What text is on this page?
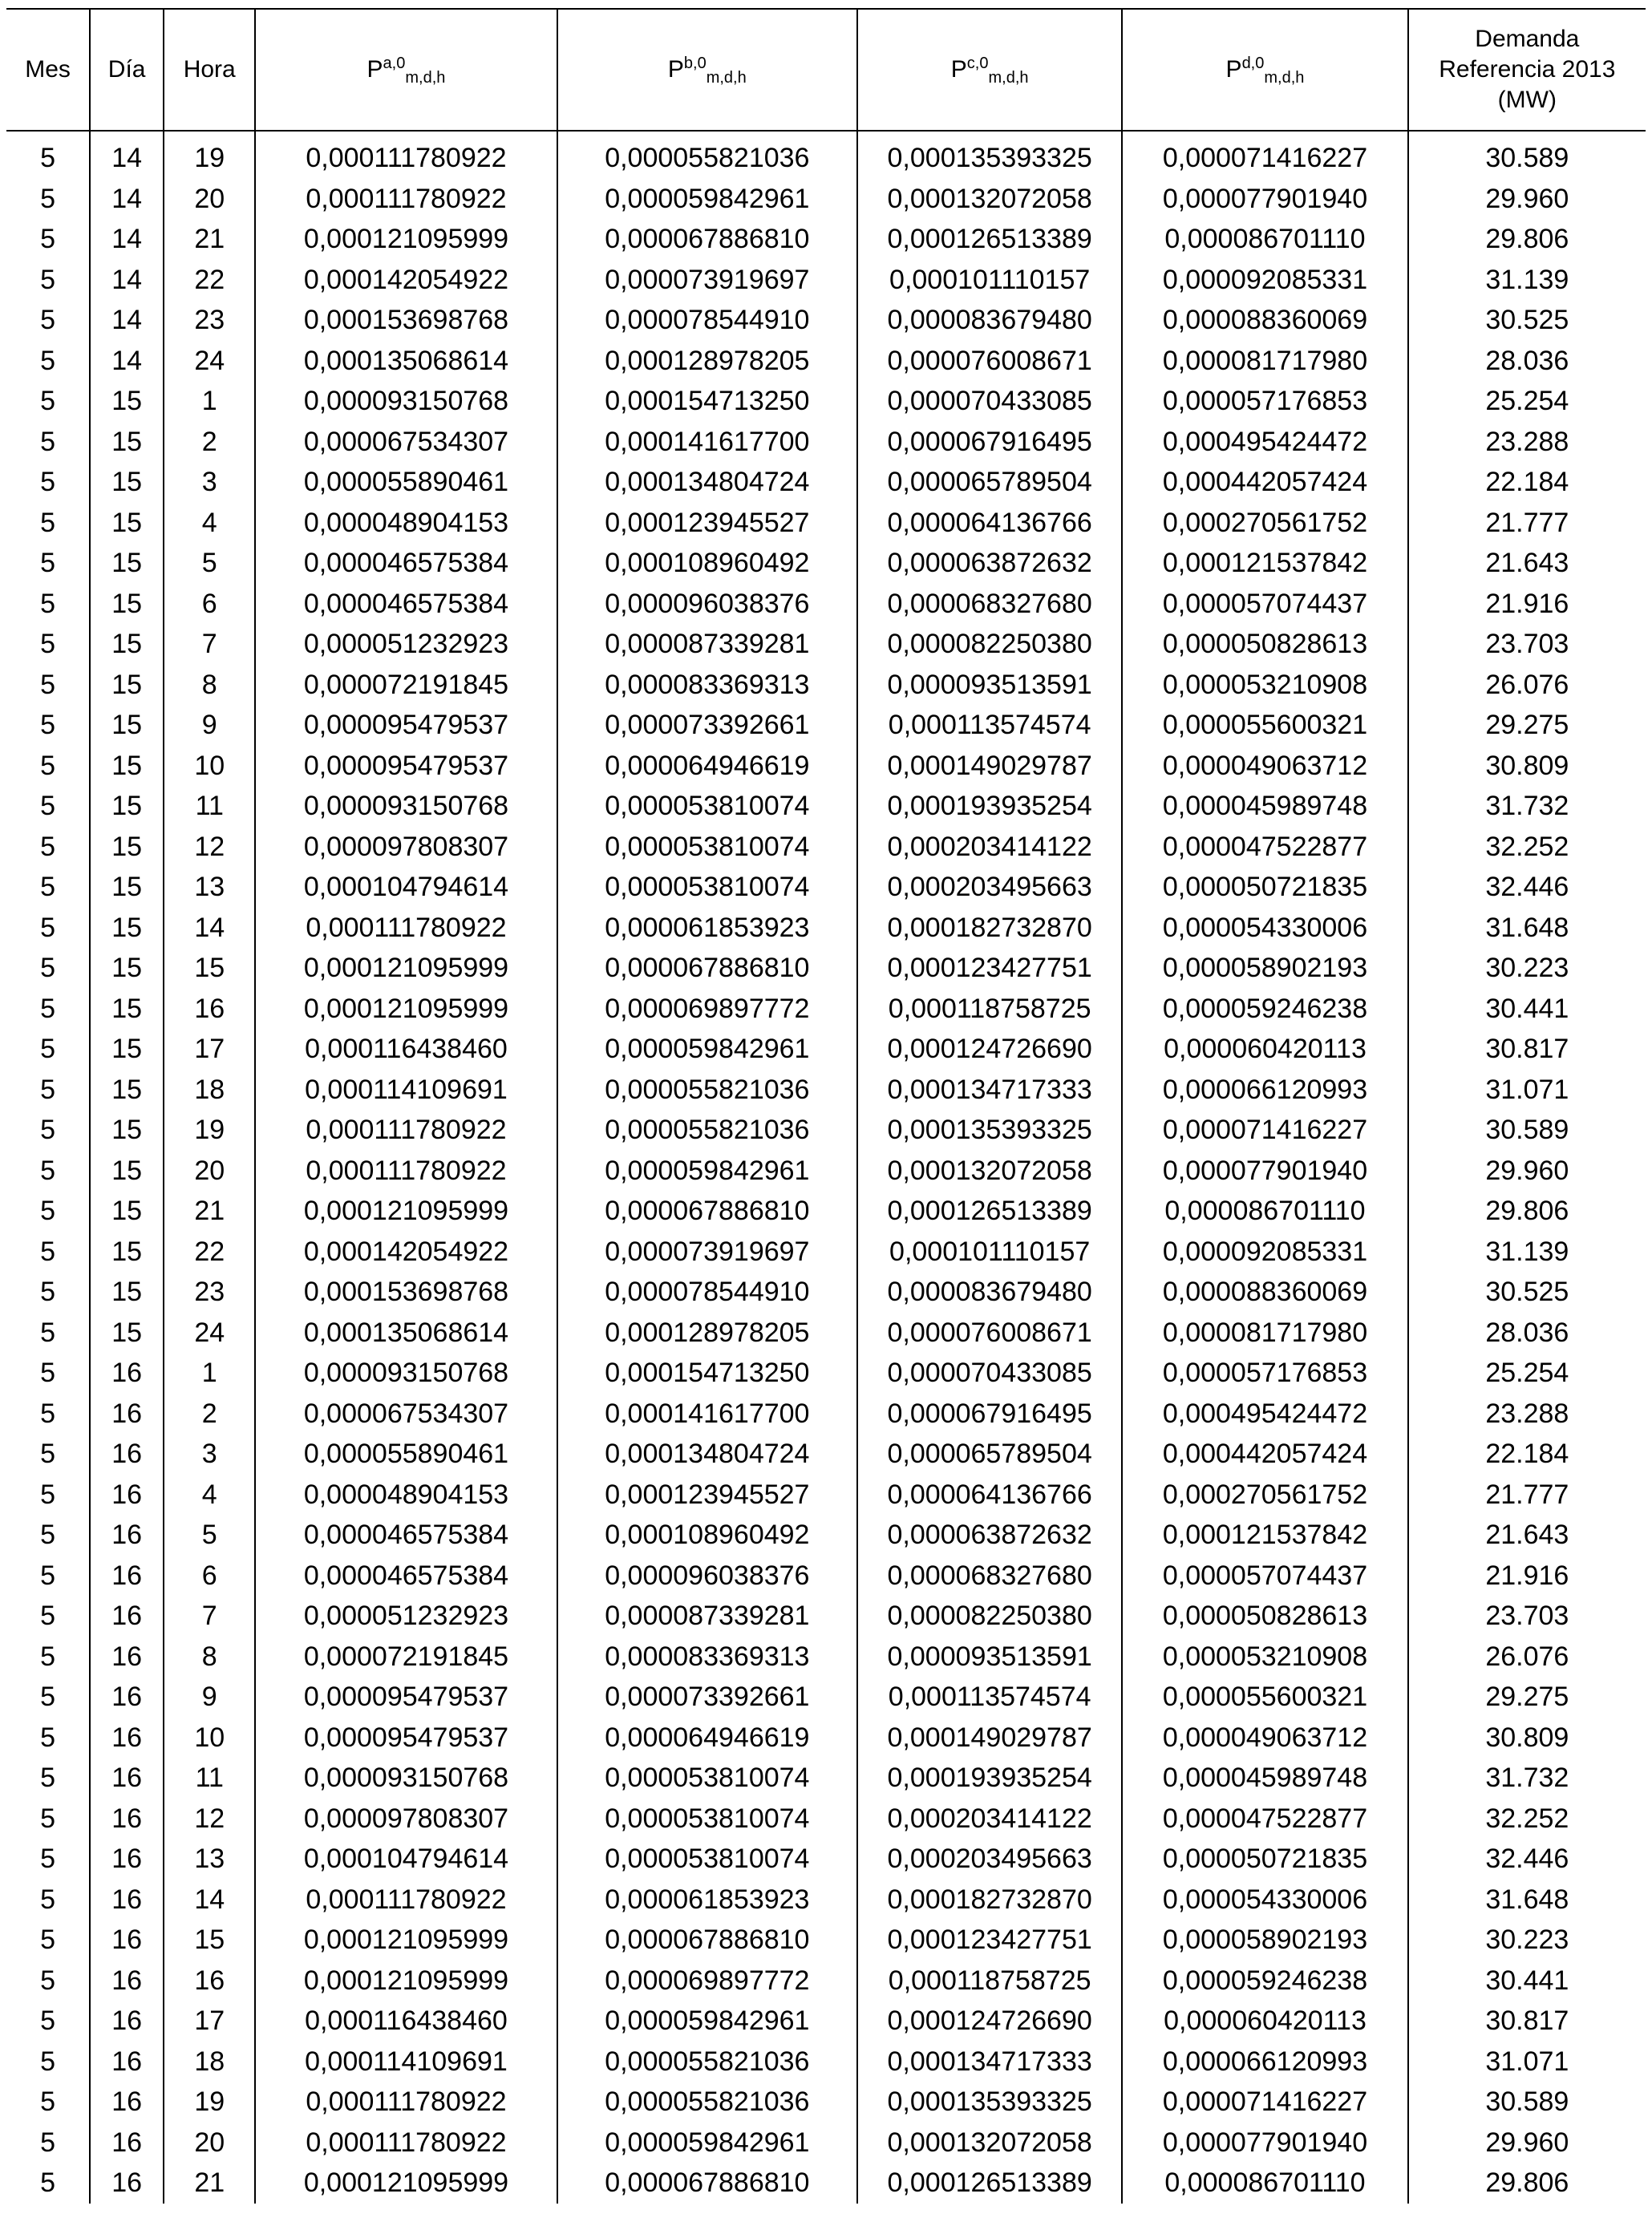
Mes	Día	Hora	P$^{a,0}_{m,d,h}$	P$^{b,0}_{m,d,h}$	P$^{c,0}_{m,d,h}$	P$^{d,0}_{m,d,h}$	Demanda
Referencia 2013
(MW)
5	14	19	0,000111780922	0,000055821036	0,000135393325	0,000071416227	30.589
5	14	20	0,000111780922	0,000059842961	0,000132072058	0,000077901940	29.960
5	14	21	0,000121095999	0,000067886810	0,000126513389	0,000086701110	29.806
5	14	22	0,000142054922	0,000073919697	0,000101110157	0,000092085331	31.139
5	14	23	0,000153698768	0,000078544910	0,000083679480	0,000088360069	30.525
5	14	24	0,000135068614	0,000128978205	0,000076008671	0,000081717980	28.036
5	15	1	0,000093150768	0,000154713250	0,000070433085	0,000057176853	25.254
5	15	2	0,000067534307	0,000141617700	0,000067916495	0,000495424472	23.288
5	15	3	0,000055890461	0,000134804724	0,000065789504	0,000442057424	22.184
5	15	4	0,000048904153	0,000123945527	0,000064136766	0,000270561752	21.777
5	15	5	0,000046575384	0,000108960492	0,000063872632	0,000121537842	21.643
5	15	6	0,000046575384	0,000096038376	0,000068327680	0,000057074437	21.916
5	15	7	0,000051232923	0,000087339281	0,000082250380	0,000050828613	23.703
5	15	8	0,000072191845	0,000083369313	0,000093513591	0,000053210908	26.076
5	15	9	0,000095479537	0,000073392661	0,000113574574	0,000055600321	29.275
5	15	10	0,000095479537	0,000064946619	0,000149029787	0,000049063712	30.809
5	15	11	0,000093150768	0,000053810074	0,000193935254	0,000045989748	31.732
5	15	12	0,000097808307	0,000053810074	0,000203414122	0,000047522877	32.252
5	15	13	0,000104794614	0,000053810074	0,000203495663	0,000050721835	32.446
5	15	14	0,000111780922	0,000061853923	0,000182732870	0,000054330006	31.648
5	15	15	0,000121095999	0,000067886810	0,000123427751	0,000058902193	30.223
5	15	16	0,000121095999	0,000069897772	0,000118758725	0,000059246238	30.441
5	15	17	0,000116438460	0,000059842961	0,000124726690	0,000060420113	30.817
5	15	18	0,000114109691	0,000055821036	0,000134717333	0,000066120993	31.071
5	15	19	0,000111780922	0,000055821036	0,000135393325	0,000071416227	30.589
5	15	20	0,000111780922	0,000059842961	0,000132072058	0,000077901940	29.960
5	15	21	0,000121095999	0,000067886810	0,000126513389	0,000086701110	29.806
5	15	22	0,000142054922	0,000073919697	0,000101110157	0,000092085331	31.139
5	15	23	0,000153698768	0,000078544910	0,000083679480	0,000088360069	30.525
5	15	24	0,000135068614	0,000128978205	0,000076008671	0,000081717980	28.036
5	16	1	0,000093150768	0,000154713250	0,000070433085	0,000057176853	25.254
5	16	2	0,000067534307	0,000141617700	0,000067916495	0,000495424472	23.288
5	16	3	0,000055890461	0,000134804724	0,000065789504	0,000442057424	22.184
5	16	4	0,000048904153	0,000123945527	0,000064136766	0,000270561752	21.777
5	16	5	0,000046575384	0,000108960492	0,000063872632	0,000121537842	21.643
5	16	6	0,000046575384	0,000096038376	0,000068327680	0,000057074437	21.916
5	16	7	0,000051232923	0,000087339281	0,000082250380	0,000050828613	23.703
5	16	8	0,000072191845	0,000083369313	0,000093513591	0,000053210908	26.076
5	16	9	0,000095479537	0,000073392661	0,000113574574	0,000055600321	29.275
5	16	10	0,000095479537	0,000064946619	0,000149029787	0,000049063712	30.809
5	16	11	0,000093150768	0,000053810074	0,000193935254	0,000045989748	31.732
5	16	12	0,000097808307	0,000053810074	0,000203414122	0,000047522877	32.252
5	16	13	0,000104794614	0,000053810074	0,000203495663	0,000050721835	32.446
5	16	14	0,000111780922	0,000061853923	0,000182732870	0,000054330006	31.648
5	16	15	0,000121095999	0,000067886810	0,000123427751	0,000058902193	30.223
5	16	16	0,000121095999	0,000069897772	0,000118758725	0,000059246238	30.441
5	16	17	0,000116438460	0,000059842961	0,000124726690	0,000060420113	30.817
5	16	18	0,000114109691	0,000055821036	0,000134717333	0,000066120993	31.071
5	16	19	0,000111780922	0,000055821036	0,000135393325	0,000071416227	30.589
5	16	20	0,000111780922	0,000059842961	0,000132072058	0,000077901940	29.960
5	16	21	0,000121095999	0,000067886810	0,000126513389	0,000086701110	29.806
